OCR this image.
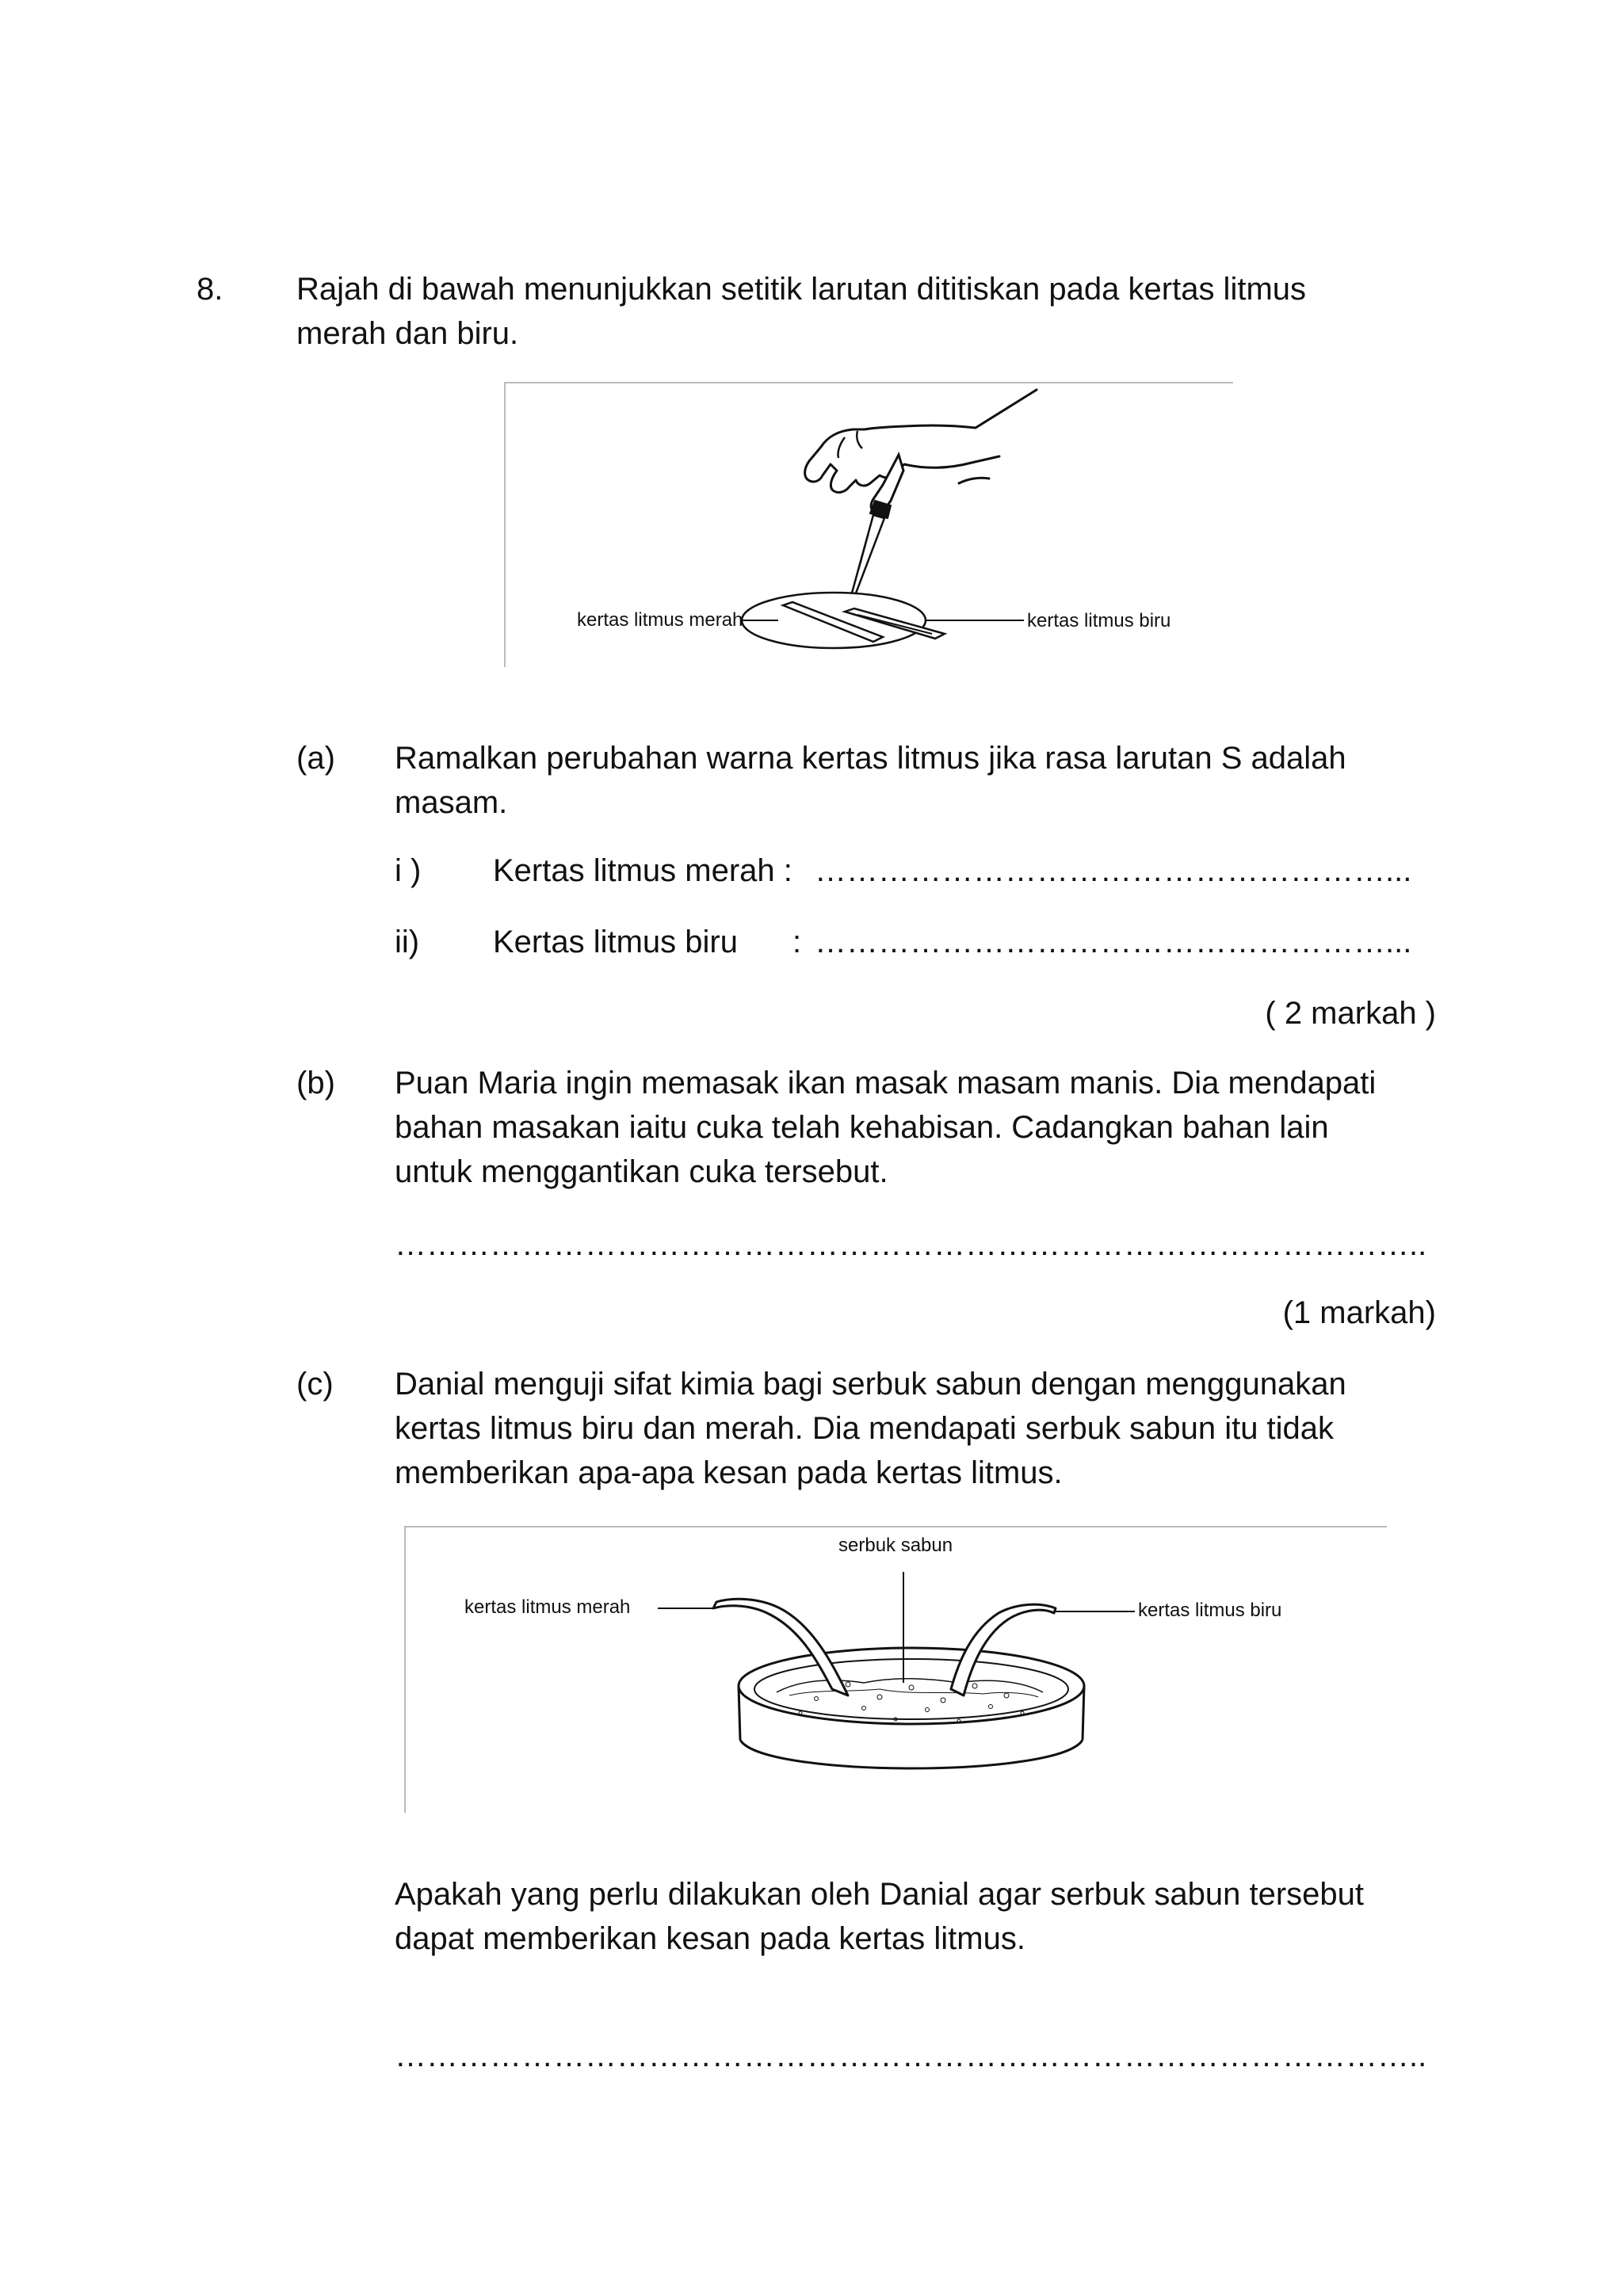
8. Rajah di bawah menunjukkan setitik larutan dititiskan pada kertas litmus
merah dan biru.
kertas litmus merah	kertas litmus biru
(a) Ramalkan perubahan warna kertas litmus jika rasa larutan S adalah
masam.
i ) Kertas litmus merah : ………………………………………………...
ii) Kertas litmus biru : ………………………………………………...
( 2 markah )
(b) Puan Maria ingin memasak ikan masak masam manis. Dia mendapati
bahan masakan iaitu cuka telah kehabisan. Cadangkan bahan lain
untuk menggantikan cuka tersebut.
……………………………………………………………………………………..
(1 markah)
(c) Danial menguji sifat kimia bagi serbuk sabun dengan menggunakan
kertas litmus biru dan merah. Dia mendapati serbuk sabun itu tidak
memberikan apa-apa kesan pada kertas litmus.
serbuk sabun
kertas litmus merah	kertas litmus biru
Apakah yang perlu dilakukan oleh Danial agar serbuk sabun tersebut
dapat memberikan kesan pada kertas litmus.
……………………………………………………………………………………..
